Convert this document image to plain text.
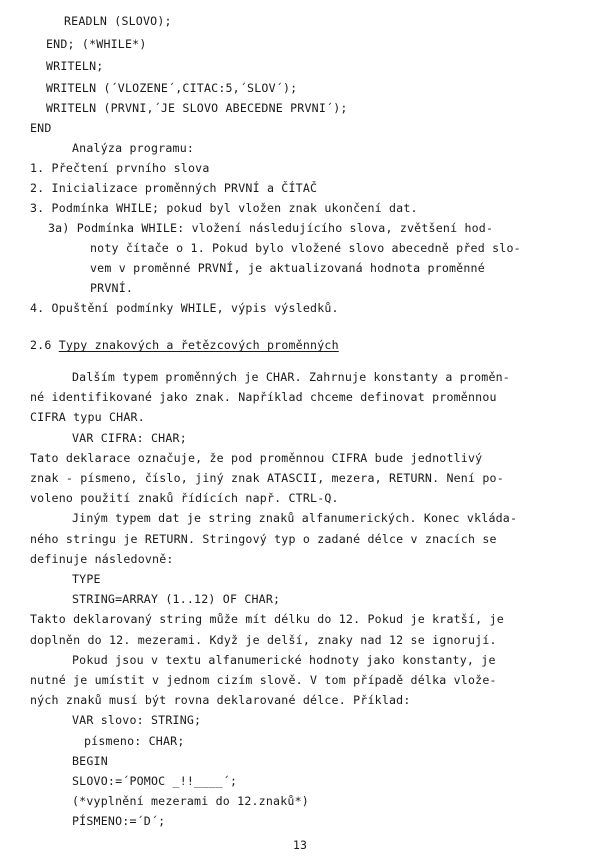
READLN (SLOVO);
END; (*WHILE*)
WRITELN;
WRITELN (´VLOZENE´,CITAC:5,´SLOV´);
WRITELN (PRVNI,´JE SLOVO ABECEDNE PRVNI´);
END
Analýza programu:
1. Přečtení prvního slova
2. Inicializace proměnných PRVNÍ a ČÍTAČ
3. Podmínka WHILE; pokud byl vložen znak ukončení dat.
3a) Podmínka WHILE: vložení následujícího slova, zvětšení hod-
noty čítače o 1. Pokud bylo vložené slovo abecedně před slo-
vem v proměnné PRVNÍ, je aktualizovaná hodnota proměnné
PRVNÍ.
4. Opuštění podmínky WHILE, výpis výsledků.
2.6 Typy znakových a řetězcových proměnných
Dalším typem proměnných je CHAR. Zahrnuje konstanty a proměn-
né identifikované jako znak. Například chceme definovat proměnnou
CIFRA typu CHAR.
VAR CIFRA: CHAR;
Tato deklarace označuje, že pod proměnnou CIFRA bude jednotlivý
znak - písmeno, číslo, jiný znak ATASCII, mezera, RETURN. Není po-
voleno použití znaků řídících např. CTRL-Q.
Jiným typem dat je string znaků alfanumerických. Konec vkláda-
ného stringu je RETURN. Stringový typ o zadané délce v znacích se
definuje následovně:
TYPE
STRING=ARRAY (1..12) OF CHAR;
Takto deklarovaný string může mít délku do 12. Pokud je kratší, je
doplněn do 12. mezerami. Když je delší, znaky nad 12 se ignorují.
Pokud jsou v textu alfanumerické hodnoty jako konstanty, je
nutné je umístit v jednom cizím slově. V tom případě délka vlože-
ných znaků musí být rovna deklarované délce. Příklad:
VAR slovo: STRING;
písmeno: CHAR;
BEGIN
SLOVO:=´POMOC _!!____´;
(*vyplnění mezerami do 12.znaků*)
PÍSMENO:=´D´;
13
